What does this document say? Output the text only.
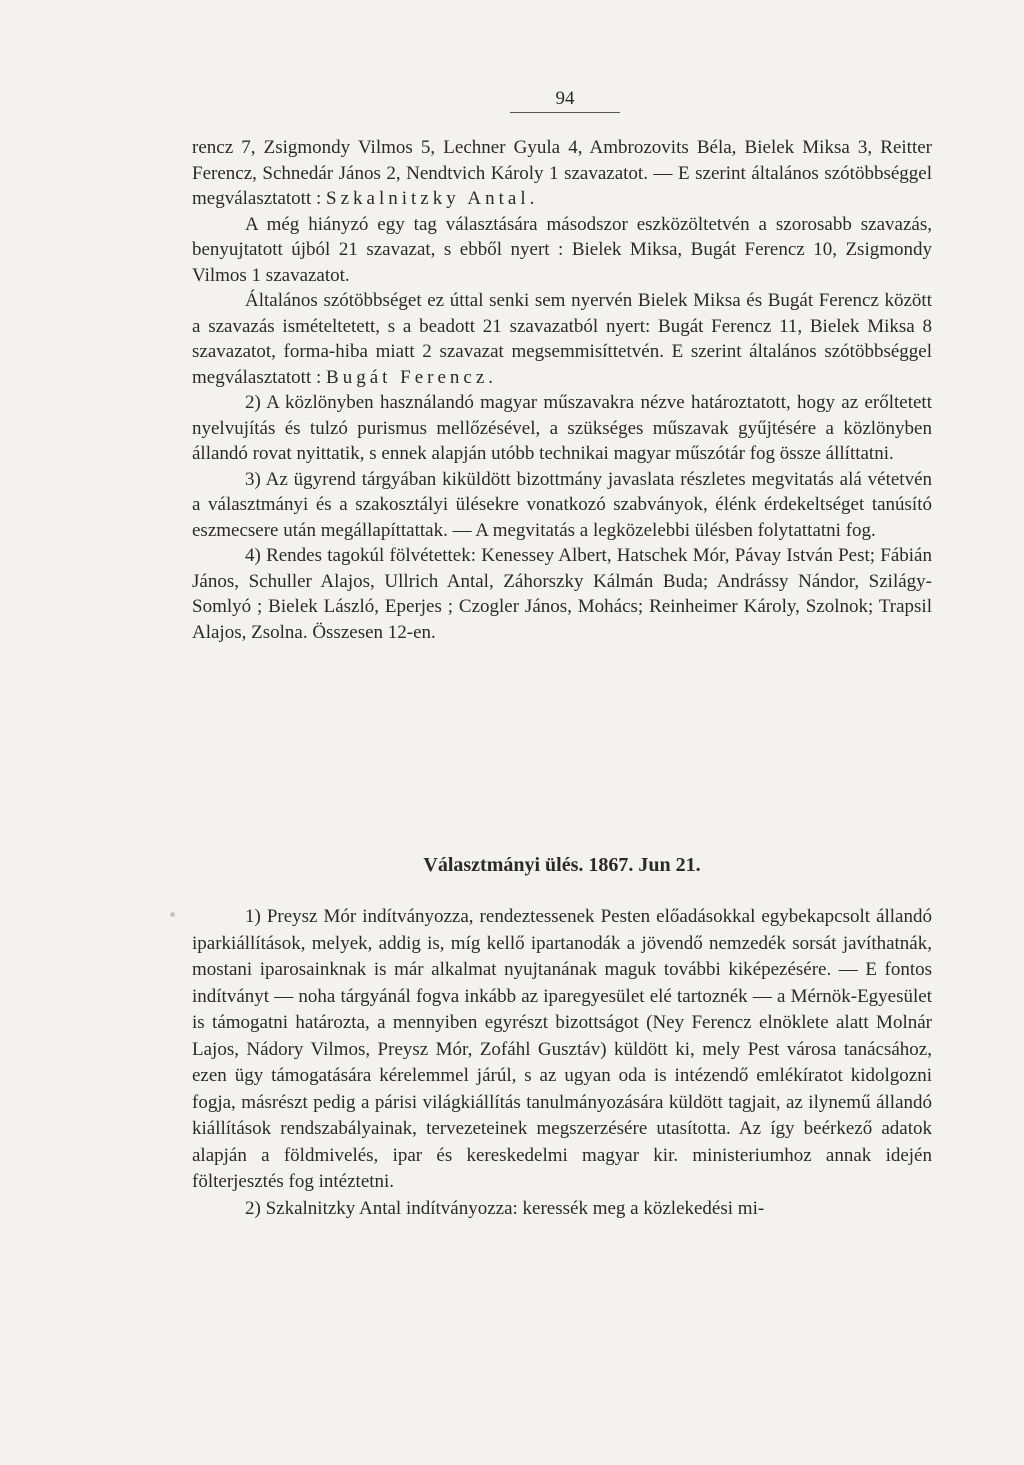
94

rencz 7, Zsigmondy Vilmos 5, Lechner Gyula 4, Ambrozovits Béla, Bielek Miksa 3, Reitter Ferencz, Schnedár János 2, Nendtvich Károly 1 szavazatot. — E szerint általános szótöbbséggel megválasztatott : Szkalnitzky Antal.

A még hiányzó egy tag választására másodszor eszközöltetvén a szorosabb szavazás, benyujtatott újból 21 szavazat, s ebből nyert : Bielek Miksa, Bugát Ferencz 10, Zsigmondy Vilmos 1 szavazatot.

Általános szótöbbséget ez úttal senki sem nyervén Bielek Miksa és Bugát Ferencz között a szavazás ismételtetett, s a beadott 21 szavazatból nyert: Bugát Ferencz 11, Bielek Miksa 8 szavazatot, forma-hiba miatt 2 szavazat megsemmisíttetvén. E szerint általános szótöbbséggel megválasztatott : Bugát Ferencz.

2) A közlönyben használandó magyar műszavakra nézve határoztatott, hogy az erőltetett nyelvujítás és tulzó purismus mellőzésével, a szükséges műszavak gyűjtésére a közlönyben állandó rovat nyittatik, s ennek alapján utóbb technikai magyar műszótár fog össze állíttatni.

3) Az ügyrend tárgyában kiküldött bizottmány javaslata részletes megvitatás alá vétetvén a választmányi és a szakosztályi ülésekre vonatkozó szabványok, élénk érdekeltséget tanúsító eszmecsere után megállapíttattak. — A megvitatás a legközelebbi ülésben folytattatni fog.

4) Rendes tagokúl fölvétettek: Kenessey Albert, Hatschek Mór, Pávay István Pest; Fábián János, Schuller Alajos, Ullrich Antal, Záhorszky Kálmán Buda; Andrássy Nándor, Szilágy-Somlyó ; Bielek László, Eperjes ; Czogler János, Mohács; Reinheimer Károly, Szolnok; Trapsil Alajos, Zsolna. Összesen 12-en.

Választmányi ülés. 1867. Jun 21.

1) Preysz Mór indítványozza, rendeztessenek Pesten előadásokkal egybekapcsolt állandó iparkiállítások, melyek, addig is, míg kellő ipartanodák a jövendő nemzedék sorsát javíthatnák, mostani iparosainknak is már alkalmat nyujtanának maguk további kiképezésére. — E fontos indítványt — noha tárgyánál fogva inkább az iparegyesület elé tartoznék — a Mérnök-Egyesület is támogatni határozta, a mennyiben egyrészt bizottságot (Ney Ferencz elnöklete alatt Molnár Lajos, Nádory Vilmos, Preysz Mór, Zofáhl Gusztáv) küldött ki, mely Pest városa tanácsához, ezen ügy támogatására kérelemmel járúl, s az ugyan oda is intézendő emlékíratot kidolgozni fogja, másrészt pedig a párisi világkiállítás tanulmányozására küldött tagjait, az ilynemű állandó kiállítások rendszabályainak, tervezeteinek megszerzésére utasította. Az így beérkező adatok alapján a földmivelés, ipar és kereskedelmi magyar kir. ministeriumhoz annak idején fölterjesztés fog intéztetni.

2) Szkalnitzky Antal indítványozza: keressék meg a közlekedési mi-
